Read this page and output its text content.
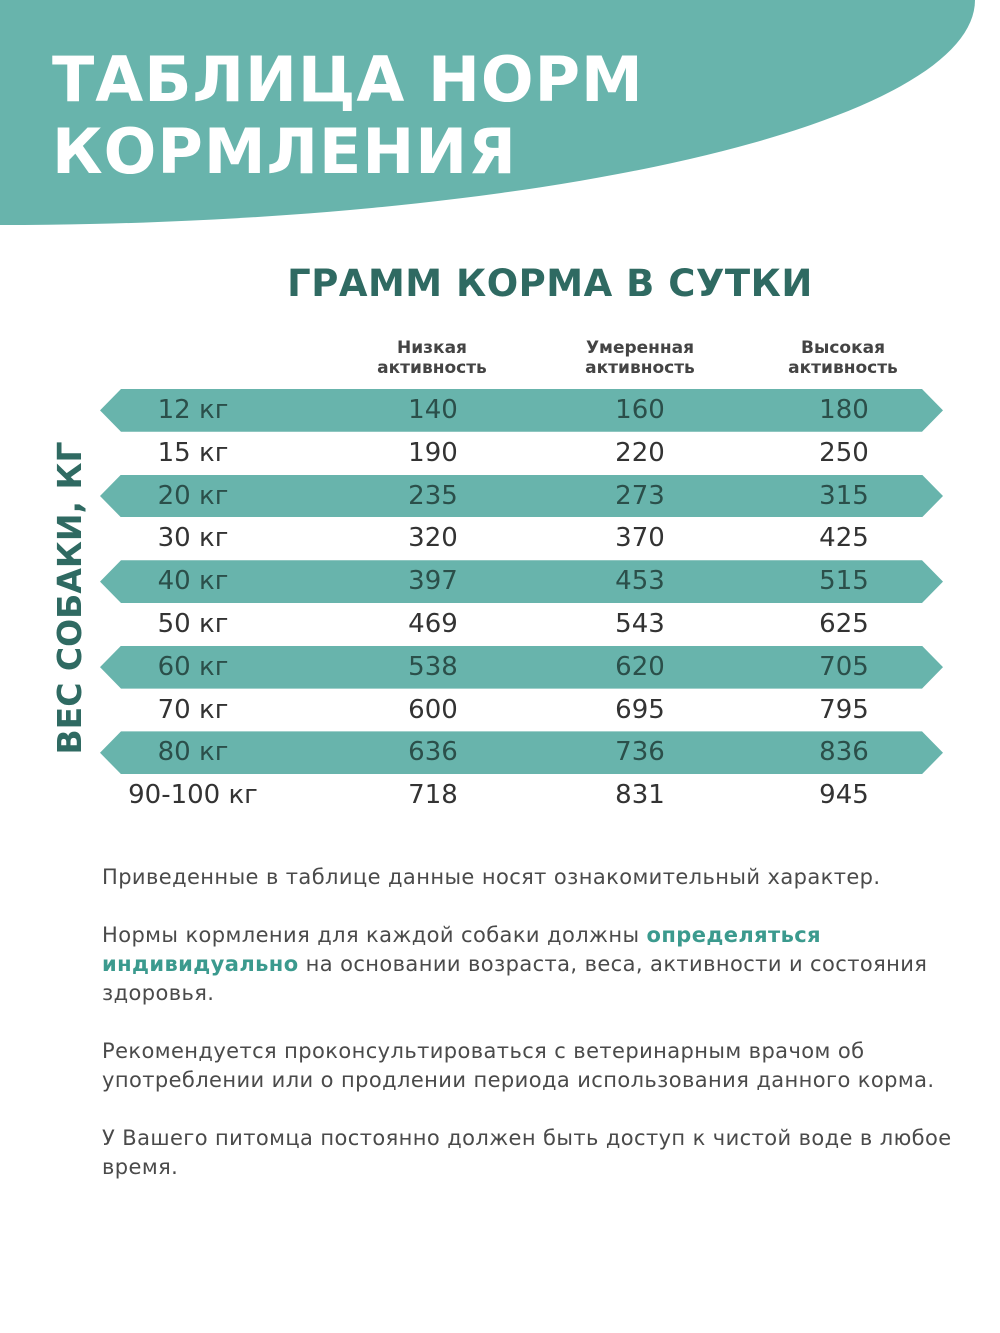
ТАБЛИЦА НОРМ
КОРМЛЕНИЯ
ГРАММ КОРМА В СУТКИ
ВЕС СОБАКИ, КГ
Низкая
активность
Умеренная
активность
Высокая
активность
12 кг	140	160	180
15 кг	190	220	250
20 кг	235	273	315
30 кг	320	370	425
40 кг	397	453	515
50 кг	469	543	625
60 кг	538	620	705
70 кг	600	695	795
80 кг	636	736	836
90-100 кг	718	831	945

Приведенные в таблице данные носят ознакомительный характер.

Нормы кормления для каждой собаки должны определяться индивидуально на основании возраста, веса, активности и состояния здоровья.

Рекомендуется проконсультироваться с ветеринарным врачом об употреблении или о продлении периода использования данного корма.

У Вашего питомца постоянно должен быть доступ к чистой воде в любое время.
